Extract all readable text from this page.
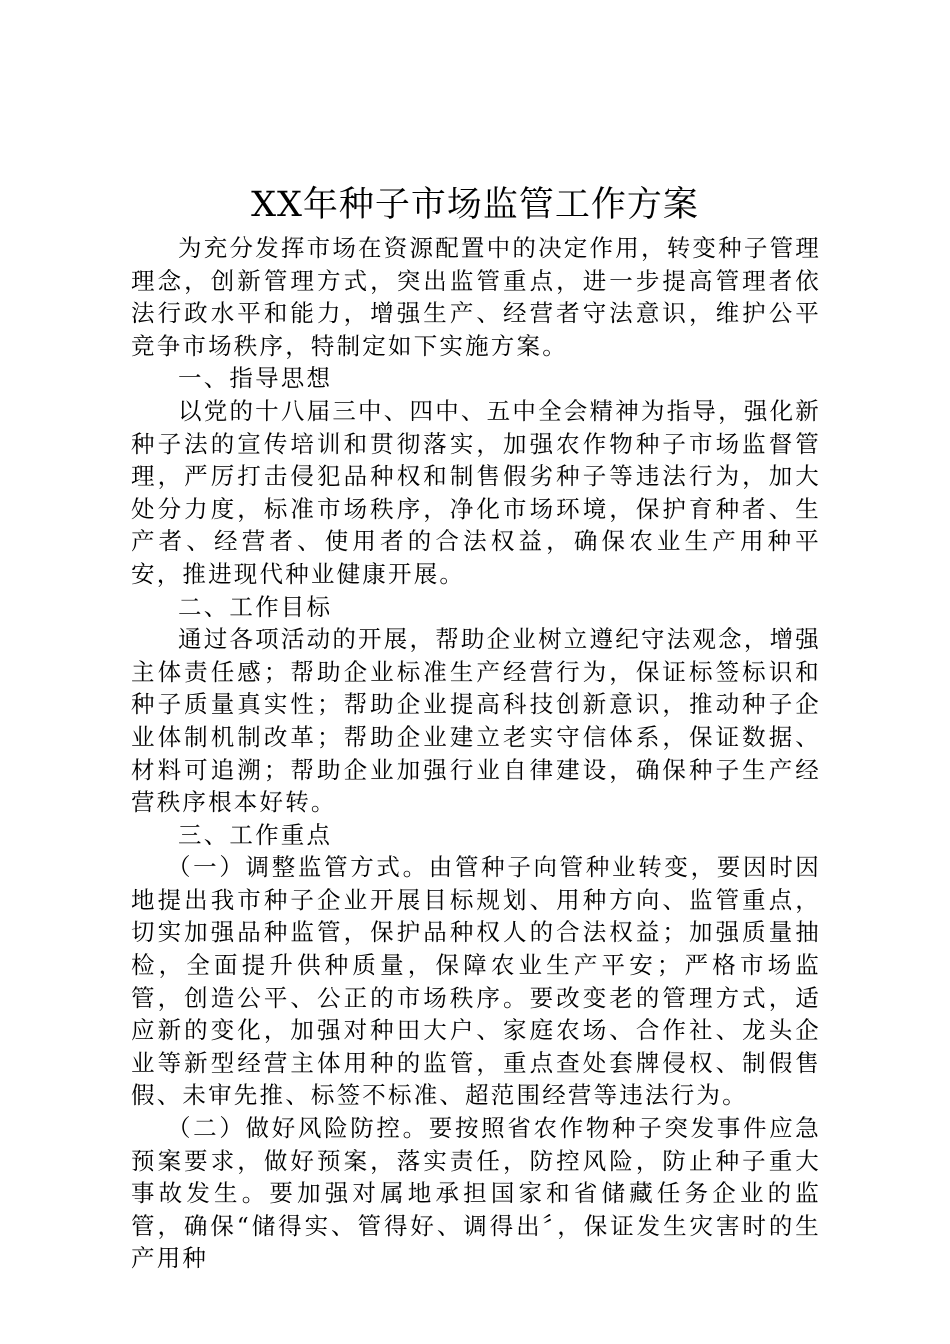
XX年种子市场监管工作方案

为充分发挥市场在资源配置中的决定作用，转变种子管理理念，创新管理方式，突出监管重点，进一步提高管理者依法行政水平和能力，增强生产、经营者守法意识，维护公平竞争市场秩序，特制定如下实施方案。

一、指导思想

以党的十八届三中、四中、五中全会精神为指导，强化新种子法的宣传培训和贯彻落实，加强农作物种子市场监督管理，严厉打击侵犯品种权和制售假劣种子等违法行为，加大处分力度，标准市场秩序，净化市场环境，保护育种者、生产者、经营者、使用者的合法权益，确保农业生产用种平安，推进现代种业健康开展。

二、工作目标

通过各项活动的开展，帮助企业树立遵纪守法观念，增强主体责任感；帮助企业标准生产经营行为，保证标签标识和种子质量真实性；帮助企业提高科技创新意识，推动种子企业体制机制改革；帮助企业建立老实守信体系，保证数据、材料可追溯；帮助企业加强行业自律建设，确保种子生产经营秩序根本好转。

三、工作重点

（一）调整监管方式。由管种子向管种业转变，要因时因地提出我市种子企业开展目标规划、用种方向、监管重点，切实加强品种监管，保护品种权人的合法权益；加强质量抽检，全面提升供种质量，保障农业生产平安；严格市场监管，创造公平、公正的市场秩序。要改变老的管理方式，适应新的变化，加强对种田大户、家庭农场、合作社、龙头企业等新型经营主体用种的监管，重点查处套牌侵权、制假售假、未审先推、标签不标准、超范围经营等违法行为。

（二）做好风险防控。要按照省农作物种子突发事件应急预案要求，做好预案，落实责任，防控风险，防止种子重大事故发生。要加强对属地承担国家和省储藏任务企业的监管，确保“储得实、管得好、调得出〞，保证发生灾害时的生产用种
